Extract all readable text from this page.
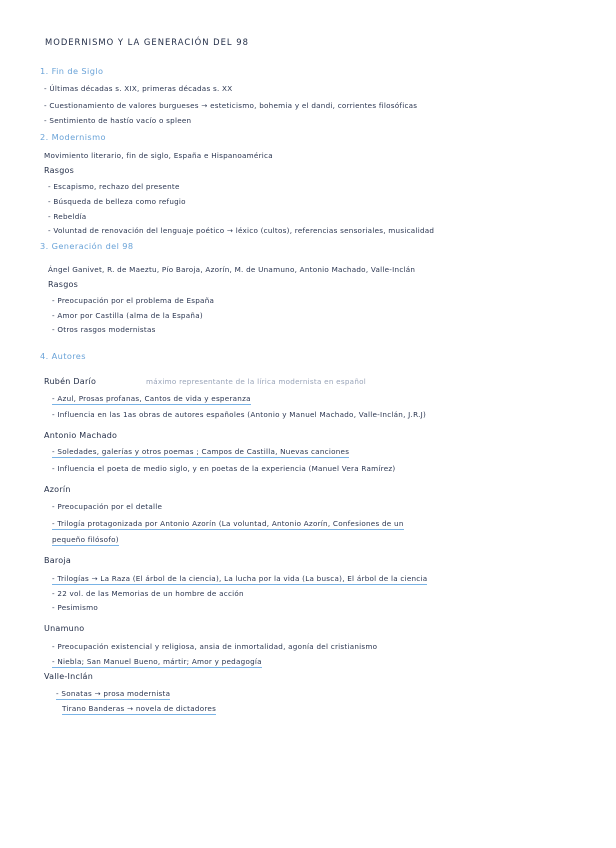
MODERNISMO Y LA GENERACIÓN DEL 98
1. Fin de Siglo
- Últimas décadas s. XIX, primeras décadas s. XX
- Cuestionamiento de valores burgueses → esteticismo, bohemia y el dandi, corrientes filosóficas
- Sentimiento de hastío vacío o spleen
2. Modernismo
Movimiento literario, fin de siglo, España e Hispanoamérica
Rasgos
- Escapismo, rechazo del presente
- Búsqueda de belleza como refugio
- Rebeldía
- Voluntad de renovación del lenguaje poético → léxico (cultos), referencias sensoriales, musicalidad
3. Generación del 98
Ángel Ganivet, R. de Maeztu, Pío Baroja, Azorín, M. de Unamuno, Antonio Machado, Valle-Inclán
Rasgos
- Preocupación por el problema de España
- Amor por Castilla (alma de la España)
- Otros rasgos modernistas
4. Autores
Rubén Darío	máximo representante de la lírica modernista en español
- Azul, Prosas profanas, Cantos de vida y esperanza
- Influencia en las 1as obras de autores españoles (Antonio y Manuel Machado, Valle-Inclán, J.R.J)
Antonio Machado
- Soledades, galerías y otros poemas ; Campos de Castilla, Nuevas canciones
- Influencia el poeta de medio siglo, y en poetas de la experiencia (Manuel Vera Ramírez)
Azorín
- Preocupación por el detalle
- Trilogía protagonizada por Antonio Azorín (La voluntad, Antonio Azorín, Confesiones de un
pequeño filósofo)
Baroja
- Trilogías → La Raza (El árbol de la ciencia), La lucha por la vida (La busca), El árbol de la ciencia
- 22 vol. de las Memorias de un hombre de acción
- Pesimismo
Unamuno
- Preocupación existencial y religiosa, ansia de inmortalidad, agonía del cristianismo
- Niebla; San Manuel Bueno, mártir; Amor y pedagogía
Valle-Inclán
- Sonatas → prosa modernista
Tirano Banderas → novela de dictadores
